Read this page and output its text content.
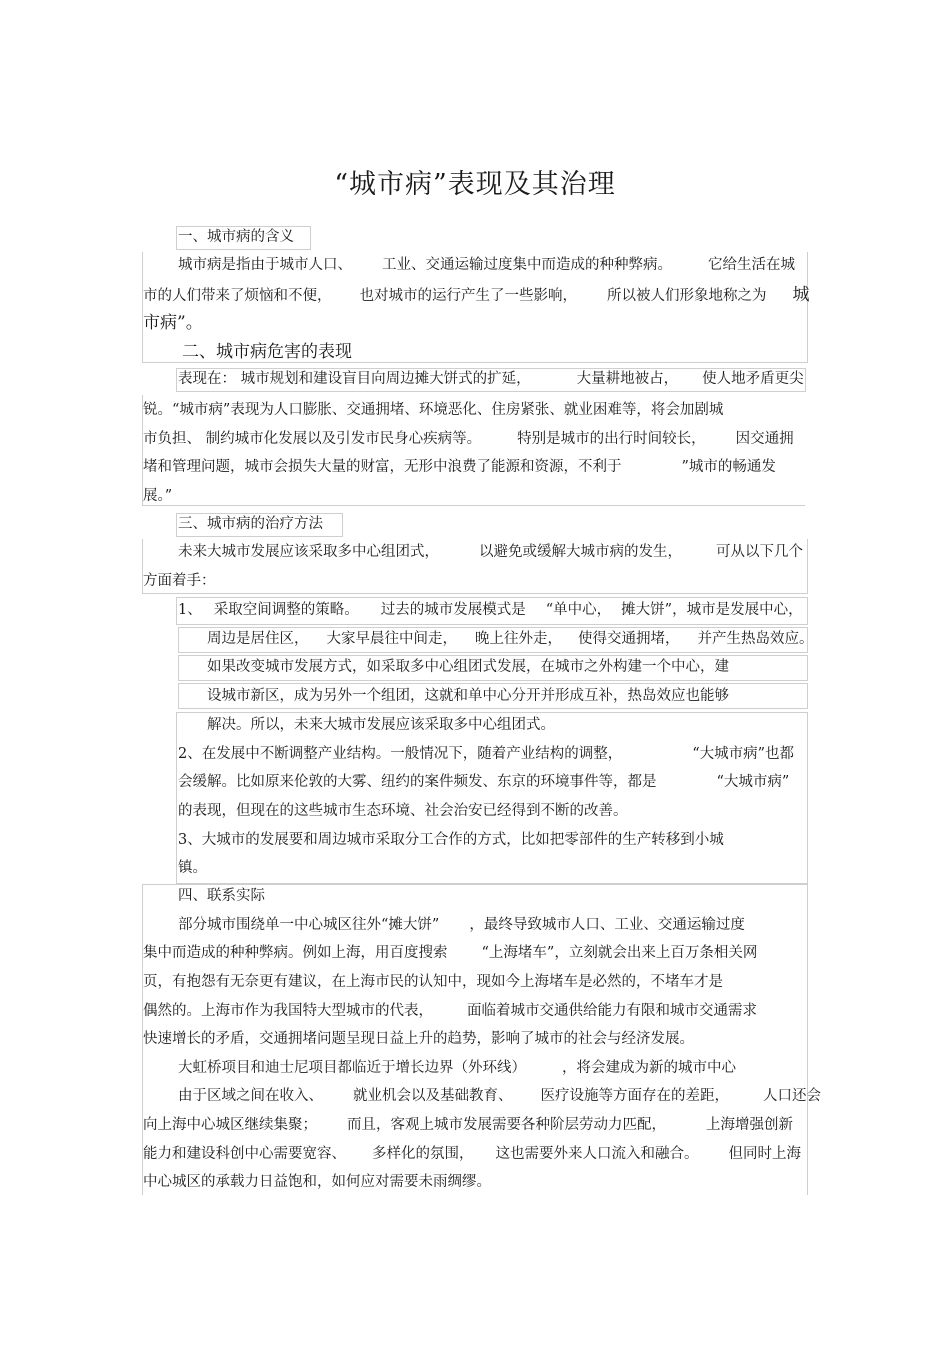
“城市病”表现及其治理
一、城市病的含义
城市病是指由于城市人口、 工业、交通运输过度集中而造成的种种弊病。 它给生活在城
市的人们带来了烦恼和不便， 也对城市的运行产生了一些影响， 所以被人们形象地称之为 城
市病”。
二、城市病危害的表现
表现在： 城市规划和建设盲目向周边摊大饼式的扩延，	大量耕地被占， 使人地矛盾更尖
锐。“城市病”表现为人口膨胀、交通拥堵、环境恶化、住房紧张、就业困难等，将会加剧城
市负担、 制约城市化发展以及引发市民身心疾病等。 特别是城市的出行时间较长， 因交通拥
堵和管理问题，城市会损失大量的财富，无形中浪费了能源和资源，不利于	”城市的畅通发
展。”
三、城市病的治疗方法
未来大城市发展应该采取多中心组团式，	以避免或缓解大城市病的发生， 可从以下几个
方面着手：
1、 采取空间调整的策略。 过去的城市发展模式是 “单中心， 摊大饼”，城市是发展中心，
周边是居住区， 大家早晨往中间走， 晚上往外走， 使得交通拥堵， 并产生热岛效应。
如果改变城市发展方式，如采取多中心组团式发展，在城市之外构建一个中心，建
设城市新区，成为另外一个组团，这就和单中心分开并形成互补，热岛效应也能够
解决。所以，未来大城市发展应该采取多中心组团式。
2、在发展中不断调整产业结构。一般情况下，随着产业结构的调整，	“大城市病”也都
会缓解。比如原来伦敦的大雾、纽约的案件频发、东京的环境事件等，都是	“大城市病”
的表现，但现在的这些城市生态环境、社会治安已经得到不断的改善。
3、大城市的发展要和周边城市采取分工合作的方式，比如把零部件的生产转移到小城
镇。
四、联系实际
部分城市围绕单一中心城区往外“摊大饼” ，最终导致城市人口、工业、交通运输过度
集中而造成的种种弊病。例如上海，用百度搜索 “上海堵车”，立刻就会出来上百万条相关网
页，有抱怨有无奈更有建议，在上海市民的认知中，现如今上海堵车是必然的，不堵车才是
偶然的。上海市作为我国特大型城市的代表， 面临着城市交通供给能力有限和城市交通需求
快速增长的矛盾，交通拥堵问题呈现日益上升的趋势，影响了城市的社会与经济发展。
大虹桥项目和迪士尼项目都临近于增长边界（外环线） ，将会建成为新的城市中心
由于区域之间在收入、 就业机会以及基础教育、 医疗设施等方面存在的差距， 人口还会
向上海中心城区继续集聚； 而且，客观上城市发展需要各种阶层劳动力匹配，	上海增强创新
能力和建设科创中心需要宽容、 多样化的氛围， 这也需要外来人口流入和融合。 但同时上海
中心城区的承载力日益饱和，如何应对需要未雨绸缪。
